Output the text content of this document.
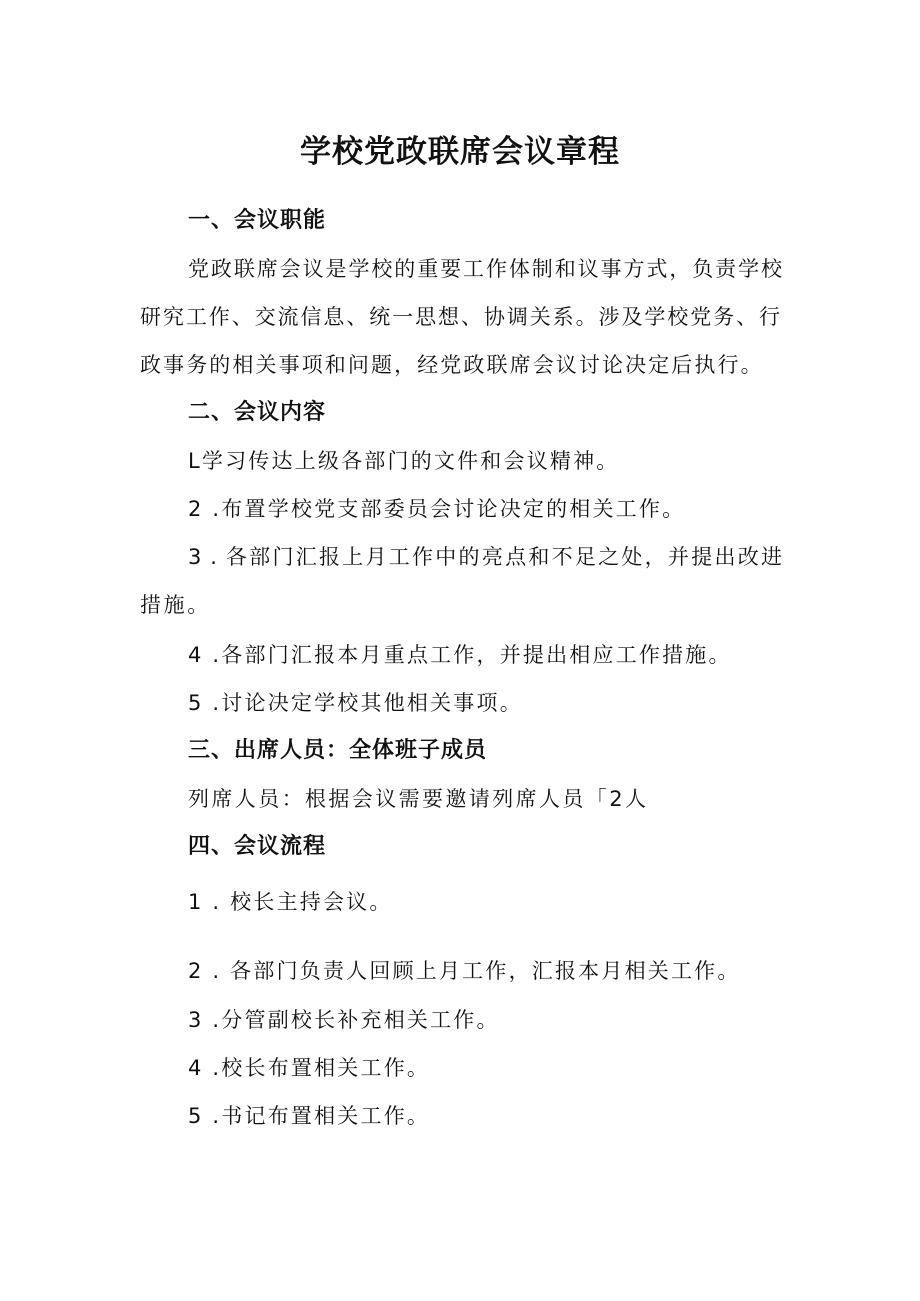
学校党政联席会议章程
一、会议职能
党政联席会议是学校的重要工作体制和议事方式，负责学校
研究工作、交流信息、统一思想、协调关系。涉及学校党务、行
政事务的相关事项和问题，经党政联席会议讨论决定后执行。
二、会议内容
L学习传达上级各部门的文件和会议精神。
2 .布置学校党支部委员会讨论决定的相关工作。
3 . 各部门汇报上月工作中的亮点和不足之处，并提出改进
措施。
4 .各部门汇报本月重点工作，并提出相应工作措施。
5 .讨论决定学校其他相关事项。
三、出席人员：全体班子成员
列席人员：根据会议需要邀请列席人员「2人
四、会议流程
1 . 校长主持会议。
2 . 各部门负责人回顾上月工作，汇报本月相关工作。
3 .分管副校长补充相关工作。
4 .校长布置相关工作。
5 .书记布置相关工作。
